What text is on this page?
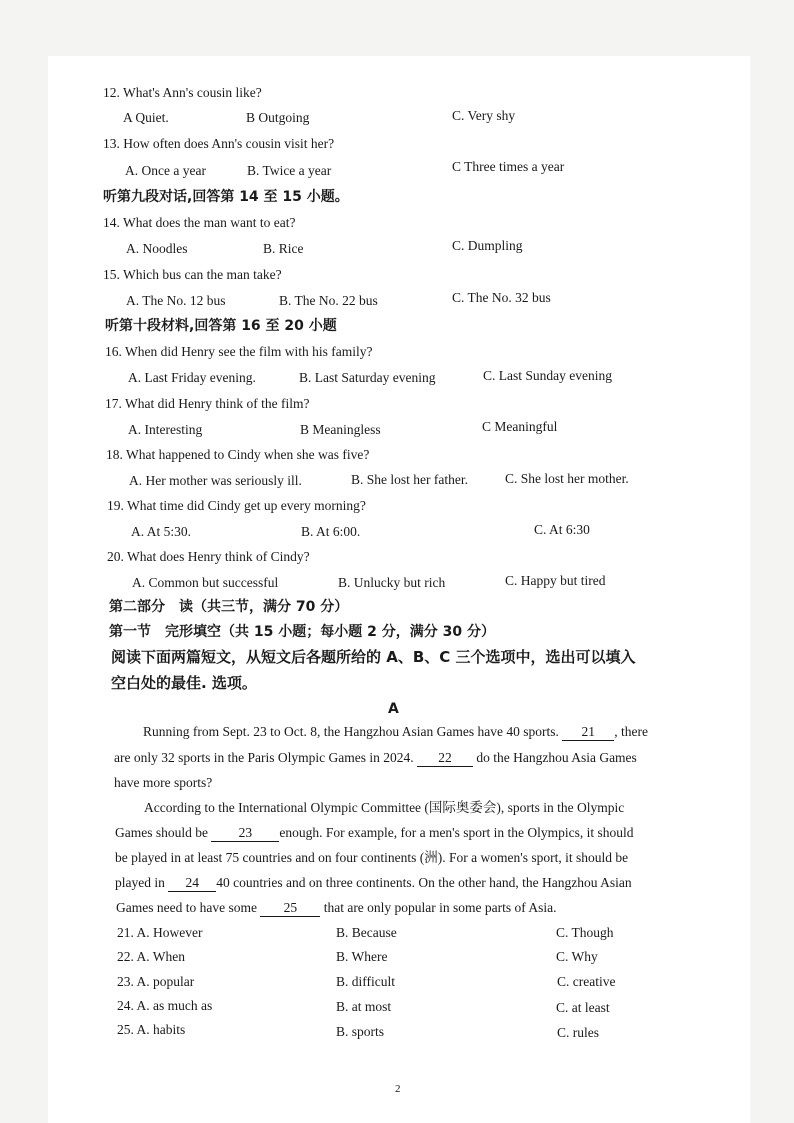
12. What's Ann's cousin like?
A Quiet.	B Outgoing	C. Very shy
13. How often does Ann's cousin visit her?
A. Once a year	B. Twice a year	C Three times a year
听第九段对话,回答第 14 至 15 小题。
14. What does the man want to eat?
A. Noodles	B. Rice	C. Dumpling
15. Which bus can the man take?
A. The No. 12 bus	B. The No. 22 bus	C. The No. 32 bus
听第十段材料,回答第 16 至 20 小题
16. When did Henry see the film with his family?
A. Last Friday evening.	B. Last Saturday evening	C. Last Sunday evening
17. What did Henry think of the film?
A. Interesting	B Meaningless	C Meaningful
18. What happened to Cindy when she was five?
A. Her mother was seriously ill.	B. She lost her father.	C. She lost her mother.
19. What time did Cindy get up every morning?
A. At 5:30.	B. At 6:00.	C. At 6:30
20. What does Henry think of Cindy?
A. Common but successful	B. Unlucky but rich	C. Happy but tired
第二部分　读（共三节，满分 70 分）
第一节　完形填空（共 15 小题；每小题 2 分，满分 30 分）
阅读下面两篇短文，从短文后各题所给的 A、B、C 三个选项中，选出可以填入
空白处的最佳. 选项。
A
Running from Sept. 23 to Oct. 8, the Hangzhou Asian Games have 40 sports. 21 , there
are only 32 sports in the Paris Olympic Games in 2024. 22 do the Hangzhou Asia Games
have more sports?
According to the International Olympic Committee (国际奥委会), sports in the Olympic
Games should be 23 enough. For example, for a men's sport in the Olympics, it should
be played in at least 75 countries and on four continents (洲). For a women's sport, it should be
played in 24 40 countries and on three continents. On the other hand, the Hangzhou Asian
Games need to have some 25 that are only popular in some parts of Asia.
21. A. However	B. Because	C. Though
22. A. When	B. Where	C. Why
23. A. popular	B. difficult	C. creative
24. A. as much as	B. at most	C. at least
25. A. habits	B. sports	C. rules
2
